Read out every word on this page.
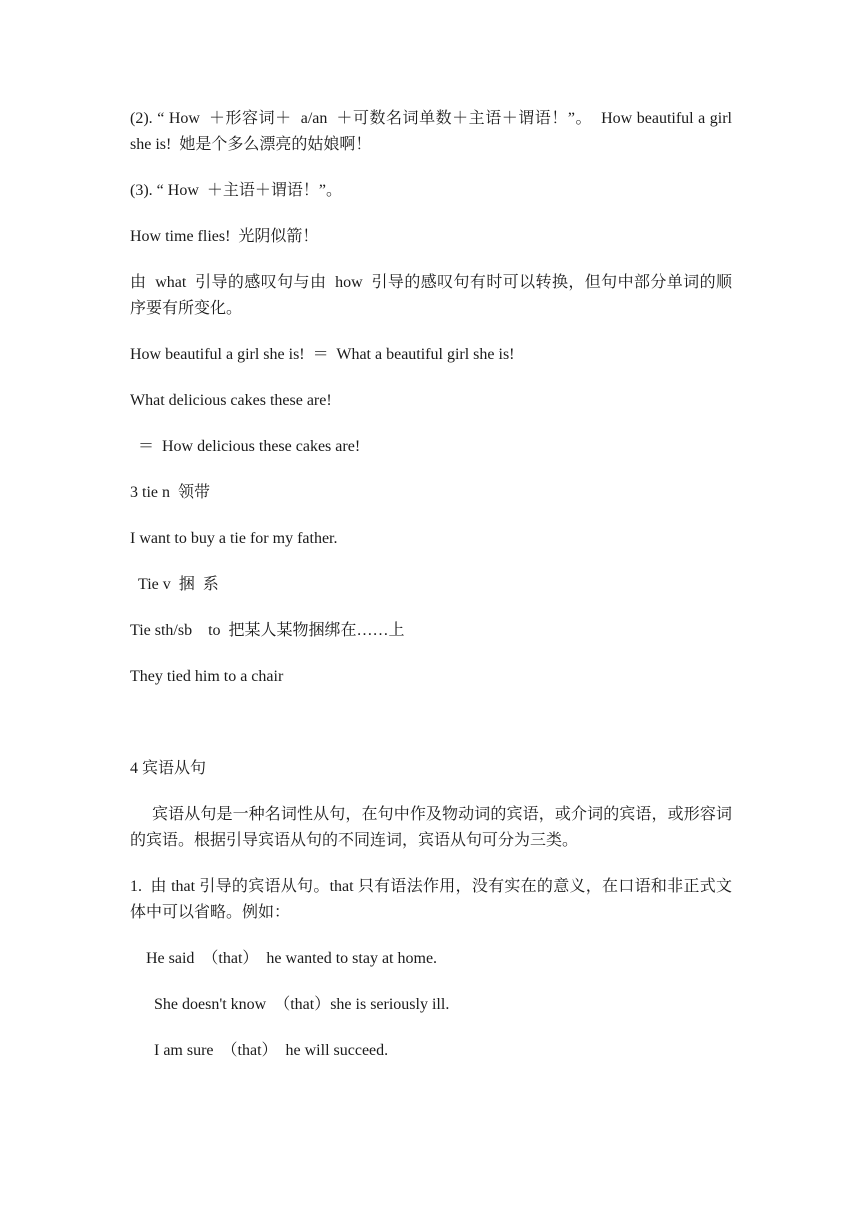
(2). “ How  ＋形容词＋  a/an  ＋可数名词单数＋主语＋谓语！”。  How beautiful a girl she is!  她是个多么漂亮的姑娘啊！

(3). “ How  ＋主语＋谓语！”。

How time flies!  光阴似箭！

由  what  引导的感叹句与由  how  引导的感叹句有时可以转换，但句中部分单词的顺序要有所变化。

How beautiful a girl she is!  ＝  What a beautiful girl she is!

What delicious cakes these are!

＝  How delicious these cakes are!

3 tie n  领带

I want to buy a tie for my father.

Tie v  捆  系

Tie sth/sb    to  把某人某物捆绑在……上

They tied him to a chair

4 宾语从句

宾语从句是一种名词性从句，在句中作及物动词的宾语，或介词的宾语，或形容词的宾语。根据引导宾语从句的不同连词，宾语从句可分为三类。

1.  由 that 引导的宾语从句。that 只有语法作用，没有实在的意义，在口语和非正式文体中可以省略。例如：

He said  （that）  he wanted to stay at home.

She doesn't know  （that）she is seriously ill.

I am sure  （that）  he will succeed.
